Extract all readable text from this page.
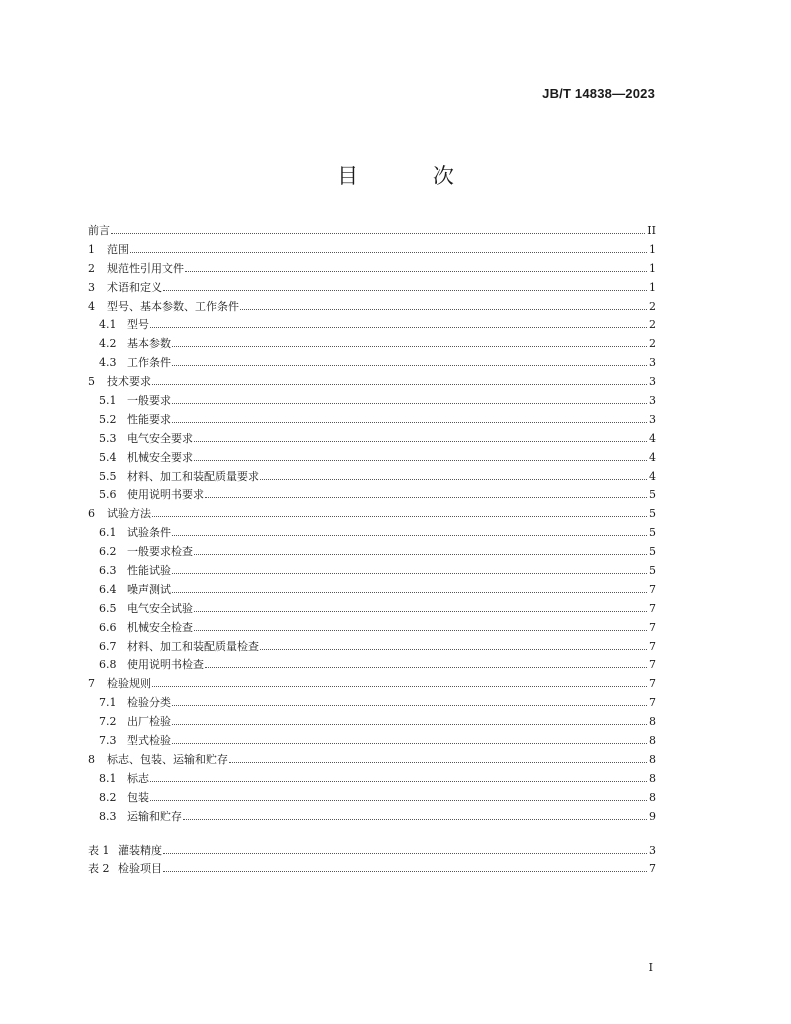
JB/T 14838—2023
目 次
前言	II
1	范围	1
2	规范性引用文件	1
3	术语和定义	1
4	型号、基本参数、工作条件	2
4.1 型号	2
4.2 基本参数	2
4.3 工作条件	3
5	技术要求	3
5.1 一般要求	3
5.2 性能要求	3
5.3 电气安全要求	4
5.4 机械安全要求	4
5.5 材料、加工和装配质量要求	4
5.6 使用说明书要求	5
6	试验方法	5
6.1 试验条件	5
6.2 一般要求检查	5
6.3 性能试验	5
6.4 噪声测试	7
6.5 电气安全试验	7
6.6 机械安全检查	7
6.7 材料、加工和装配质量检查	7
6.8 使用说明书检查	7
7	检验规则	7
7.1 检验分类	7
7.2 出厂检验	8
7.3 型式检验	8
8	标志、包装、运输和贮存	8
8.1 标志	8
8.2 包装	8
8.3 运输和贮存	9
表 1 灌装精度	3
表 2 检验项目	7
I
